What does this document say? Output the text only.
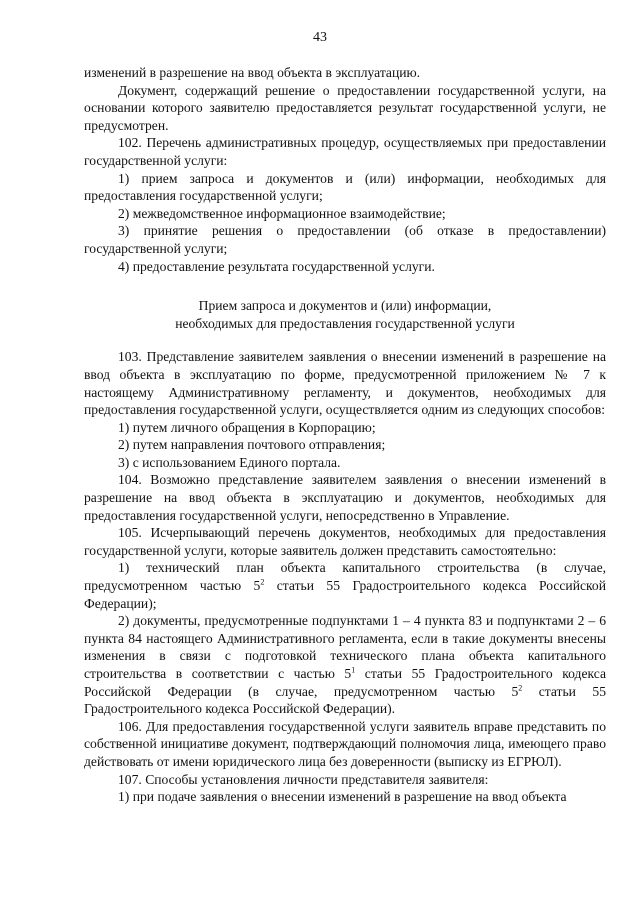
43

изменений в разрешение на ввод объекта в эксплуатацию.

Документ, содержащий решение о предоставлении государственной услуги, на основании которого заявителю предоставляется результат государственной услуги, не предусмотрен.

102. Перечень административных процедур, осуществляемых при предоставлении государственной услуги:

1) прием запроса и документов и (или) информации, необходимых для предоставления государственной услуги;

2) межведомственное информационное взаимодействие;

3) принятие решения о предоставлении (об отказе в предоставлении) государственной услуги;

4) предоставление результата государственной услуги.

Прием запроса и документов и (или) информации,
необходимых для предоставления государственной услуги

103. Представление заявителем заявления о внесении изменений в разрешение на ввод объекта в эксплуатацию по форме, предусмотренной приложением № 7 к настоящему Административному регламенту, и документов, необходимых для предоставления государственной услуги, осуществляется одним из следующих способов:

1) путем личного обращения в Корпорацию;

2) путем направления почтового отправления;

3) с использованием Единого портала.

104. Возможно представление заявителем заявления о внесении изменений в разрешение на ввод объекта в эксплуатацию и документов, необходимых для предоставления государственной услуги, непосредственно в Управление.

105. Исчерпывающий перечень документов, необходимых для предоставления государственной услуги, которые заявитель должен представить самостоятельно:

1) технический план объекта капитального строительства (в случае, предусмотренном частью $5^2$ статьи 55 Градостроительного кодекса Российской Федерации);

2) документы, предусмотренные подпунктами 1 – 4 пункта 83 и подпунктами 2 – 6 пункта 84 настоящего Административного регламента, если в такие документы внесены изменения в связи с подготовкой технического плана объекта капитального строительства в соответствии с частью $5^1$ статьи 55 Градостроительного кодекса Российской Федерации (в случае, предусмотренном частью $5^2$ статьи 55 Градостроительного кодекса Российской Федерации).

106. Для предоставления государственной услуги заявитель вправе представить по собственной инициативе документ, подтверждающий полномочия лица, имеющего право действовать от имени юридического лица без доверенности (выписку из ЕГРЮЛ).

107. Способы установления личности представителя заявителя:

1) при подаче заявления о внесении изменений в разрешение на ввод объекта
